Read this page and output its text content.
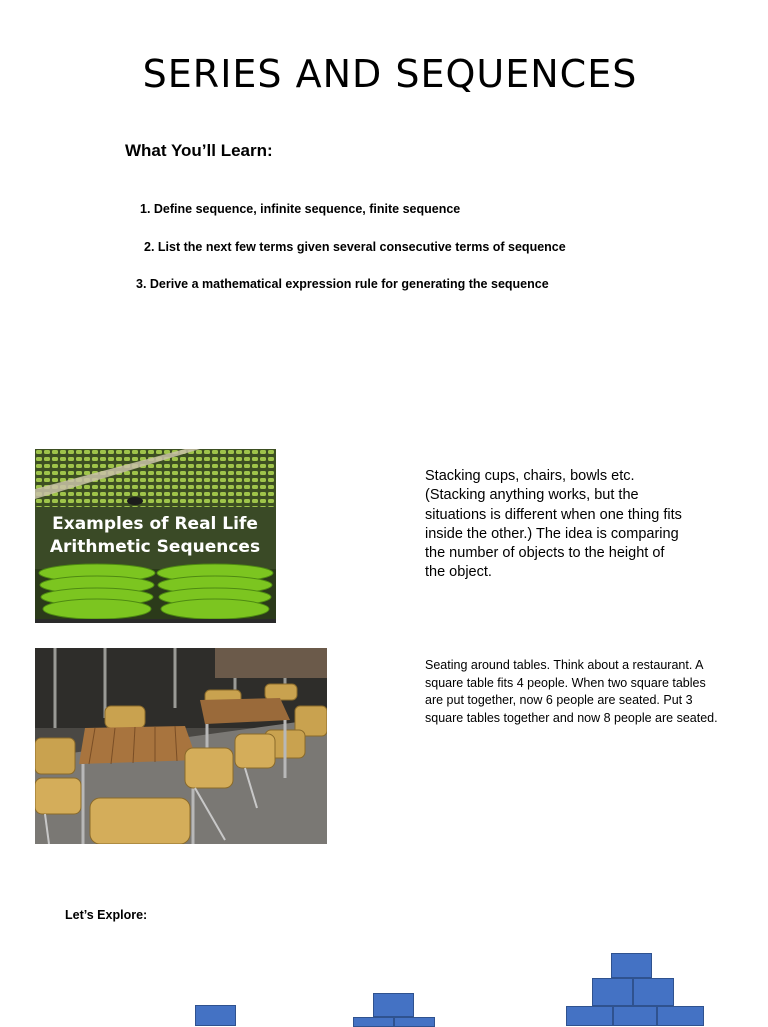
SERIES AND SEQUENCES
What You’ll Learn:
1. Define sequence, infinite sequence, finite sequence
2. List the next few terms given several consecutive terms of sequence
3. Derive a mathematical expression rule for generating the sequence
Examples of Real Life
Arithmetic Sequences
Stacking cups, chairs, bowls etc. (Stacking anything works, but the situations is different when one thing fits inside the other.) The idea is comparing the number of objects to the height of the object.
Seating around tables. Think about a restaurant. A square table fits 4 people. When two square tables are put together, now 6 people are seated. Put 3 square tables together and now 8 people are seated.
Let’s Explore:
